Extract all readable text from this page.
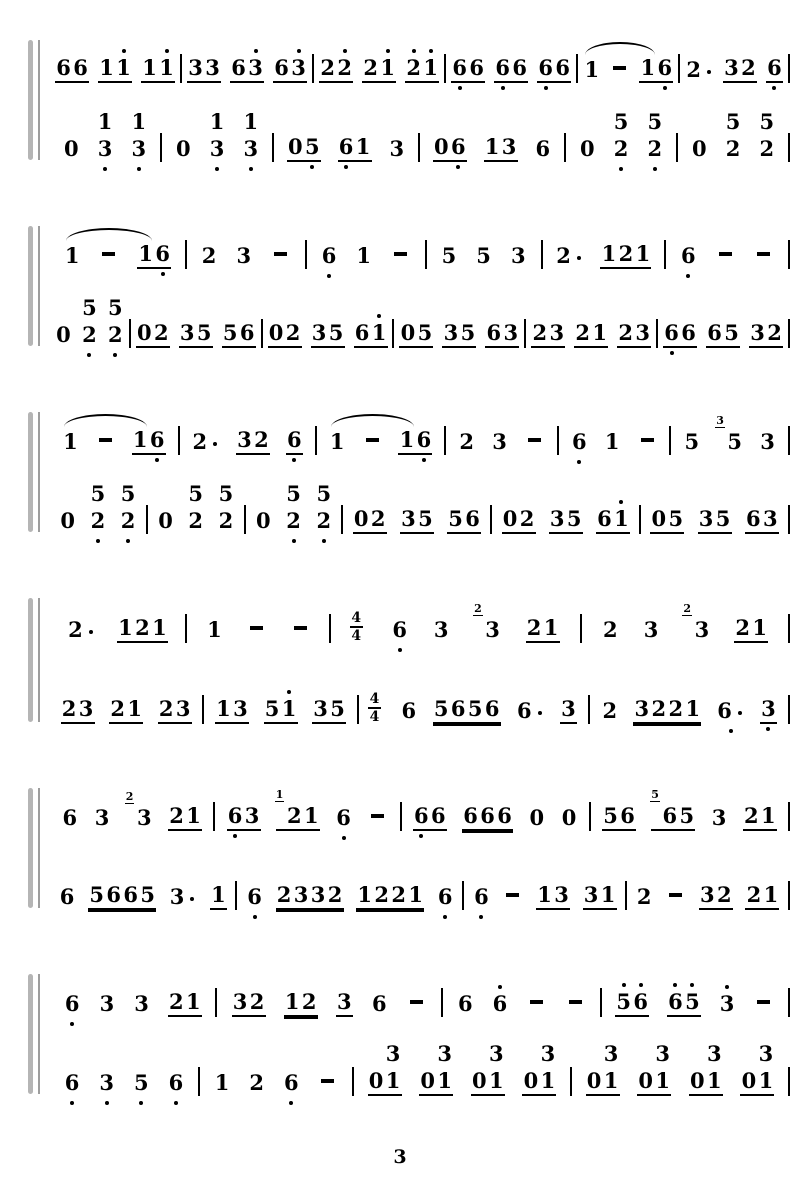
6 6 1 1 1 1 3 3 6 3 6 3 2 2 2 1 2 1 6 6 6 6 6 6 1 1 6 2	3 2 6
0 3
1
3
1
0 3
1
3
1
0 5 6 1 3 0 6 1 3 6 0 2
5
2
5
0 2
5
2
5
1	1 6 2 3	6 1	5 5 3 2	1 2 1 6
0 2
5
2
5
0 2 3 5 5 6 0 2 3 5 6 1 0 5 3 5 6 3 2 3 2 1 2 3 6 6 6 5 3 2
1	1 6 2	3 2 6 1	1 6 2 3	6 1	5 5
3
3
0 2
5
2
5
0 2
5
2
5
0 2
5
2
5
0 2 3 5 5 6 0 2 3 5 6 1 0 5 3 5 6 3
2	1 2 1 1	4
4 6 3 3
2
2 1 2 3 3
2
2 1
2 3 2 1 2 3 1 3 5 1 3 5 4
4 6 5 6 5 6 6	3 2 3 2 2 1 6	3
6 3 3
2
2 1 6 3 2
1
1 6	6 6 6 6 6 0 0 5 6 6
5
5 3 2 1
6 5 6 6 5 3	1 6 2 3 3 2 1 2 2 1 6 6 1 3 3 1 2 3 2 2 1
6 3 3 2 1 3 2 1 2 3 6	6 6	5 6 6 5 3
6 3 5 6 1 2 6	0 1
3
0 1
3
0 1
3
0 1
3
0 1
3
0 1
3
0 1
3
0 1
3
3
